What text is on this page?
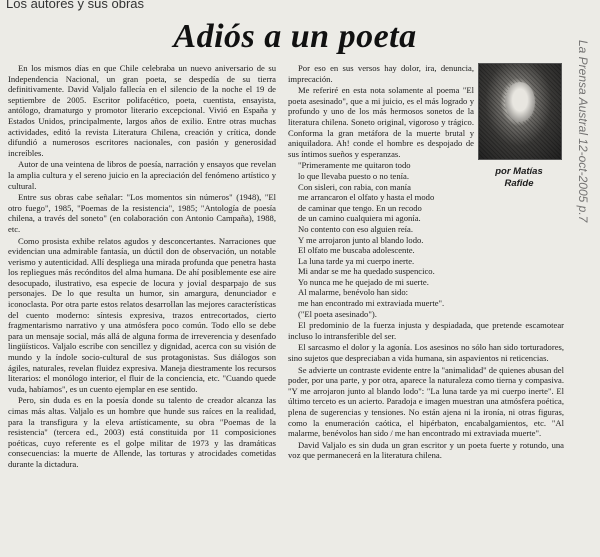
Los autores y sus obras
Adiós a un poeta

En los mismos días en que Chile celebraba un nuevo aniversario de su Independencia Nacional, un gran poeta, se despedía de su tierra definitivamente. David Valjalo fallecía en el silencio de la noche el 19 de septiembre de 2005. Escritor polifacético, poeta, cuentista, ensayista, antólogo, dramaturgo y promotor literario excepcional. Vivió en España y Estados Unidos, principalmente, largos años de exilio. Entre otras muchas actividades, editó la revista Literatura Chilena, creación y crítica, donde difundió a numerosos escritores nacionales, con pasión y generosidad increíbles.

Autor de una veintena de libros de poesía, narración y ensayos que revelan la amplia cultura y el sereno juicio en la apreciación del fenómeno artístico y cultural.

Entre sus obras cabe señalar: "Los momentos sin números" (1948), "El otro fuego", 1985, "Poemas de la resistencia", 1985; "Antología de poesía chilena, a través del soneto" (en colaboración con Antonio Campaña), 1988, etc.

Como prosista exhibe relatos agudos y desconcertantes. Narraciones que evidencian una admirable fantasía, un dúctil don de observación, un notable verismo y autenticidad. Allí despliega una mirada profunda que penetra hasta los repliegues más recónditos del alma humana. De ahí posiblemente ese aire desocupado, ilustrativo, esa especie de locura y jovial desparpajo de sus personajes. De lo que resulta un humor, sin amargura, denunciador e iconoclasta. Por otra parte estos relatos desarrollan las mejores características del cuento moderno: síntesis expresiva, trazos entrecortados, cierto fragmentarismo narrativo y una atmósfera poco común. Todo ello se debe para un mensaje social, más allá de alguna forma de irreverencia y desenfado lingüísticos. Valjalo escribe con sencillez y dignidad, acerca con su visión de mundo y la índole socio-cultural de sus protagonistas. Sus diálogos son ágiles, naturales, revelan fluidez expresiva. Maneja diestramente los recursos literarios: el monólogo interior, el fluir de la conciencia, etc. "Cuando quede vuda, habíamos", es un cuento ejemplar en ese sentido.

Pero, sin duda es en la poesía donde su talento de creador alcanza las cimas más altas. Valjalo es un hombre que hunde sus raíces en la realidad, para la transfigura y la eleva artísticamente, su obra "Poemas de la resistencia" (tercera ed., 2003) está constituida por 11 composiciones poéticas, cuyo referente es el golpe militar de 1973 y las dramáticas consecuencias: la muerte de Allende, las torturas y atrocidades cometidas durante la dictadura.

Por eso en sus versos hay dolor, ira, denuncia, imprecación.

Me referiré en esta nota solamente al poema "El poeta asesinado", que a mi juicio, es el más logrado y profundo y uno de los más hermosos sonetos de la literatura chilena. Soneto original, vigoroso y trágico. Conforma la gran metáfora de la muerte brutal y aniquiladora. Ah! conde el hombre es despojado de sus íntimos sueños y esperanzas.

"Primeramente me quitaron todo
lo que llevaba puesto o no tenía.
Con sisleri, con rabia, con manía
me arrancaron el olfato y hasta el modo
de caminar que tengo. En un recodo
de un camino cualquiera mi agonía.
No contento con eso alguien reía.
Y me arrojaron junto al blando lodo.
El olfato me buscaba adolescente.
La luna tarde ya mi cuerpo inerte.
Mi andar se me ha quedado suspencico.
Yo nunca me he quejado de mi suerte.
Al malarme, benévolo han sido:
me han encontrado mi extraviada muerte".
("El poeta asesinado").

El predominio de la fuerza injusta y despiadada, que pretende escamotear incluso lo intransferible del ser.

El sarcasmo el dolor y la agonía. Los asesinos no sólo han sido torturadores, sino sujetos que despreciaban a vida humana, sin aspavientos ni reticencias.

Se advierte un contraste evidente entre la "animalidad" de quienes abusan del poder, por una parte, y por otra, aparece la naturaleza como tierna y compasiva. "Y me arrojaron junto al blando lodo": "La luna tarde ya mi cuerpo inerte". El último terceto es un acierto. Paradoja e imagen muestran una atmósfera poética, plena de sugerencias y tensiones. No están ajena ni la ironía, ni otras figuras, como la enumeración caótica, el hipérbaton, encabalgamientos, etc. "Al malarme, benévolos han sido / me han encontrado mi extraviada muerte".

David Valjalo es sin duda un gran escritor y un poeta fuerte y rotundo, una voz que permanecerá en la literatura chilena.

por Matías
Rafide	La Prensa Austral 12-oct-2005 p.7
